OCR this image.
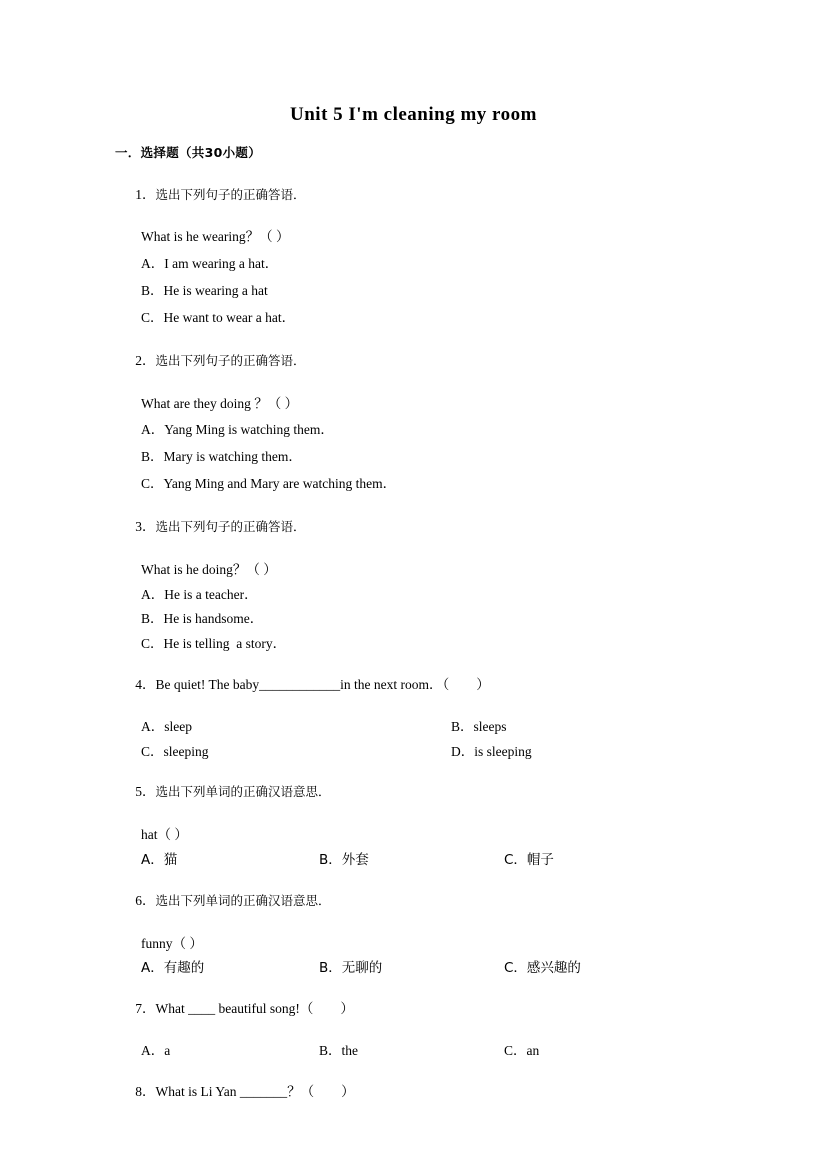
Unit 5 I'm cleaning my room
一．选择题（共30小题）

1．选出下列句子的正确答语．

What is he wearing？（ ）
A．I am wearing a hat．
B．He is wearing a hat
C．He want to wear a hat．

2．选出下列句子的正确答语．

What are they doing ？（ ）
A．Yang Ming is watching them．
B．Mary is watching them．
C．Yang Ming and Mary are watching them．

3．选出下列句子的正确答语．

What is he doing？（ ）
A．He is a teacher．
B．He is handsome．
C．He is telling  a story．

4．Be quiet! The baby____________in the next room．（        ）

A．sleep	B．sleeps
C．sleeping	D．is sleeping

5．选出下列单词的正确汉语意思．

hat（ ）
A．猫	B．外套	C．帽子

6．选出下列单词的正确汉语意思．

funny（ ）
A．有趣的	B．无聊的	C．感兴趣的

7．What ____ beautiful song!（        ）

A．a	B．the	C．an

8．What is Li Yan _______？（        ）
